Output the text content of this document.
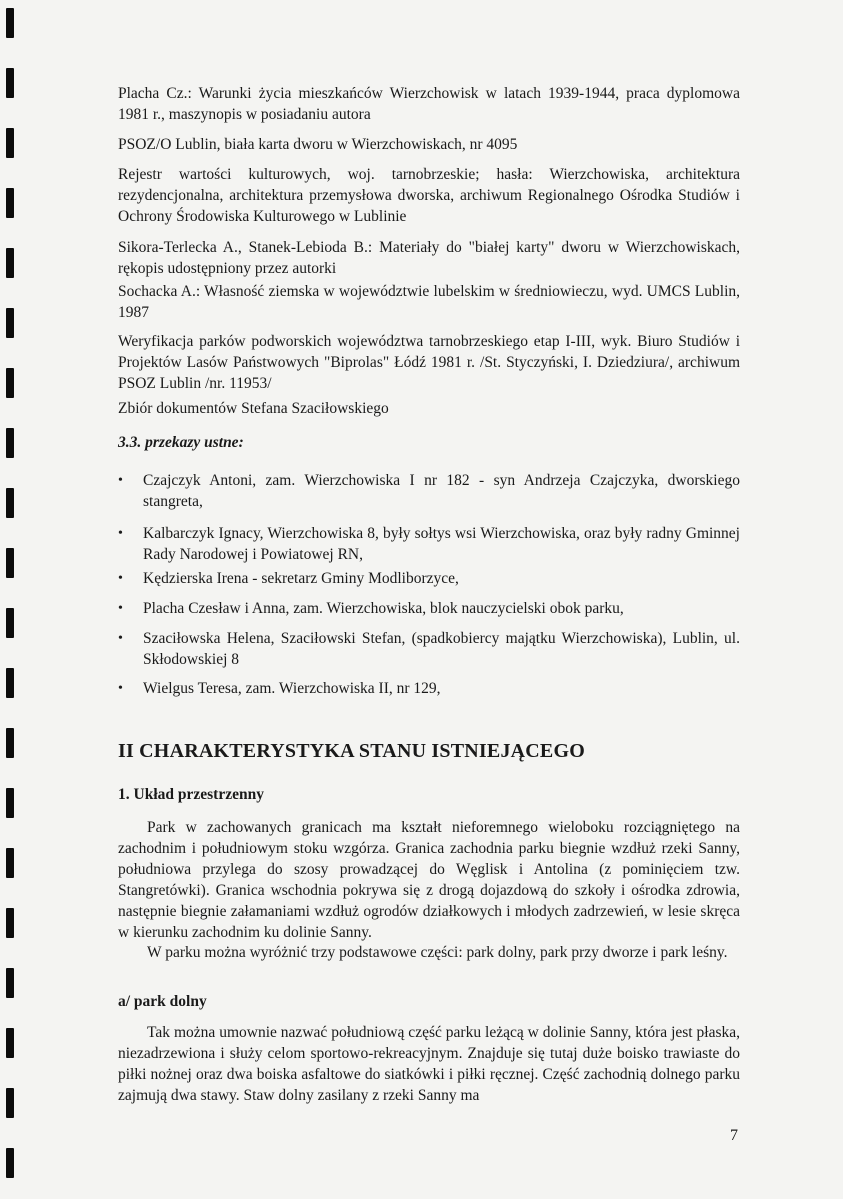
Placha Cz.: Warunki życia mieszkańców Wierzchowisk w latach 1939-1944, praca dyplomowa 1981 r., maszynopis w posiadaniu autora

PSOZ/O Lublin, biała karta dworu w Wierzchowiskach, nr 4095

Rejestr wartości kulturowych, woj. tarnobrzeskie; hasła: Wierzchowiska, architektura rezydencjonalna, architektura przemysłowa dworska, archiwum Regionalnego Ośrodka Studiów i Ochrony Środowiska Kulturowego w Lublinie

Sikora-Terlecka A., Stanek-Lebioda B.: Materiały do "białej karty" dworu w Wierzchowiskach, rękopis udostępniony przez autorki

Sochacka A.: Własność ziemska w województwie lubelskim w średniowieczu, wyd. UMCS Lublin, 1987

Weryfikacja parków podworskich województwa tarnobrzeskiego etap I-III, wyk. Biuro Studiów i Projektów Lasów Państwowych "Biprolas" Łódź 1981 r. /St. Styczyński, I. Dziedziura/, archiwum PSOZ Lublin /nr. 11953/

Zbiór dokumentów Stefana Szaciłowskiego

3.3. przekazy ustne:
• Czajczyk Antoni, zam. Wierzchowiska I nr 182 - syn Andrzeja Czajczyka, dworskiego stangreta,
• Kalbarczyk Ignacy, Wierzchowiska 8, były sołtys wsi Wierzchowiska, oraz były radny Gminnej Rady Narodowej i Powiatowej RN,
• Kędzierska Irena - sekretarz Gminy Modliborzyce,
• Placha Czesław i Anna, zam. Wierzchowiska, blok nauczycielski obok parku,
• Szaciłowska Helena, Szaciłowski Stefan, (spadkobiercy majątku Wierzchowiska), Lublin, ul. Skłodowskiej 8
• Wielgus Teresa, zam. Wierzchowiska II, nr 129,
II CHARAKTERYSTYKA STANU ISTNIEJĄCEGO
1. Układ przestrzenny

Park w zachowanych granicach ma kształt nieforemnego wieloboku rozciągniętego na zachodnim i południowym stoku wzgórza. Granica zachodnia parku biegnie wzdłuż rzeki Sanny, południowa przylega do szosy prowadzącej do Węglisk i Antolina (z pominięciem tzw. Stangretówki). Granica wschodnia pokrywa się z drogą dojazdową do szkoły i ośrodka zdrowia, następnie biegnie załamaniami wzdłuż ogrodów działkowych i młodych zadrzewień, w lesie skręca w kierunku zachodnim ku dolinie Sanny.

W parku można wyróżnić trzy podstawowe części: park dolny, park przy dworze i park leśny.

a/ park dolny

Tak można umownie nazwać południową część parku leżącą w dolinie Sanny, która jest płaska, niezadrzewiona i służy celom sportowo-rekreacyjnym. Znajduje się tutaj duże boisko trawiaste do piłki nożnej oraz dwa boiska asfaltowe do siatkówki i piłki ręcznej. Część zachodnią dolnego parku zajmują dwa stawy. Staw dolny zasilany z rzeki Sanny ma

7
